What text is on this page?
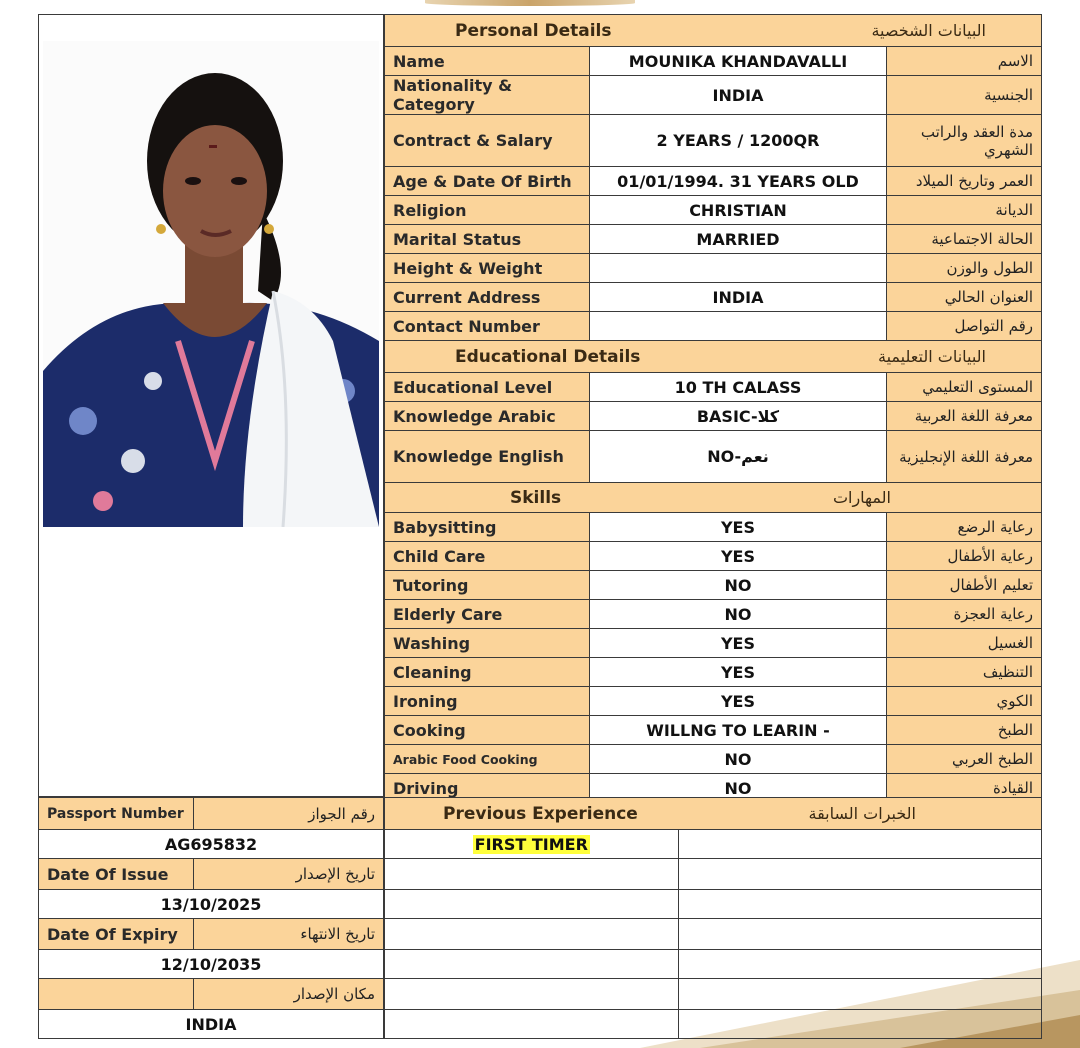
Personal Details البيانات الشخصية		

Name	MOUNIKA KHANDAVALLI	الاسم
Nationality & Category	INDIA	الجنسية
Contract & Salary	2 YEARS / 1200QR	مدة العقد والراتب الشهري
Age & Date Of Birth	01/01/1994. 31 YEARS OLD	العمر وتاريخ الميلاد
Religion	CHRISTIAN	الديانة
Marital Status	MARRIED	الحالة الاجتماعية
Height & Weight		الطول والوزن
Current Address	INDIA	العنوان الحالي
Contact Number		رقم التواصل

Educational Details البيانات التعليمية		

Educational Level	10 TH CALASS	المستوى التعليمي
Knowledge Arabic	BASIC-كلا	معرفة اللغة العربية
Knowledge English	NO-نعم	معرفة اللغة الإنجليزية

Skills المهارات		

Babysitting	YES	رعاية الرضع
Child Care	YES	رعاية الأطفال
Tutoring	NO	تعليم الأطفال
Elderly Care	NO	رعاية العجزة
Washing	YES	الغسيل
Cleaning	YES	التنظيف
Ironing	YES	الكوي
Cooking	WILLNG TO LEARIN -	الطبخ
Arabic Food Cooking	NO	الطبخ العربي
Driving	NO	القيادة
Passport Number	رقم الجواز
AG695832	
Date Of Issue	تاريخ الإصدار
13/10/2025	
Date Of Expiry	تاريخ الانتهاء
12/10/2035	
	مكان الإصدار
INDIA	
Previous Experience الخبرات السابقة	

FIRST TIMER	
